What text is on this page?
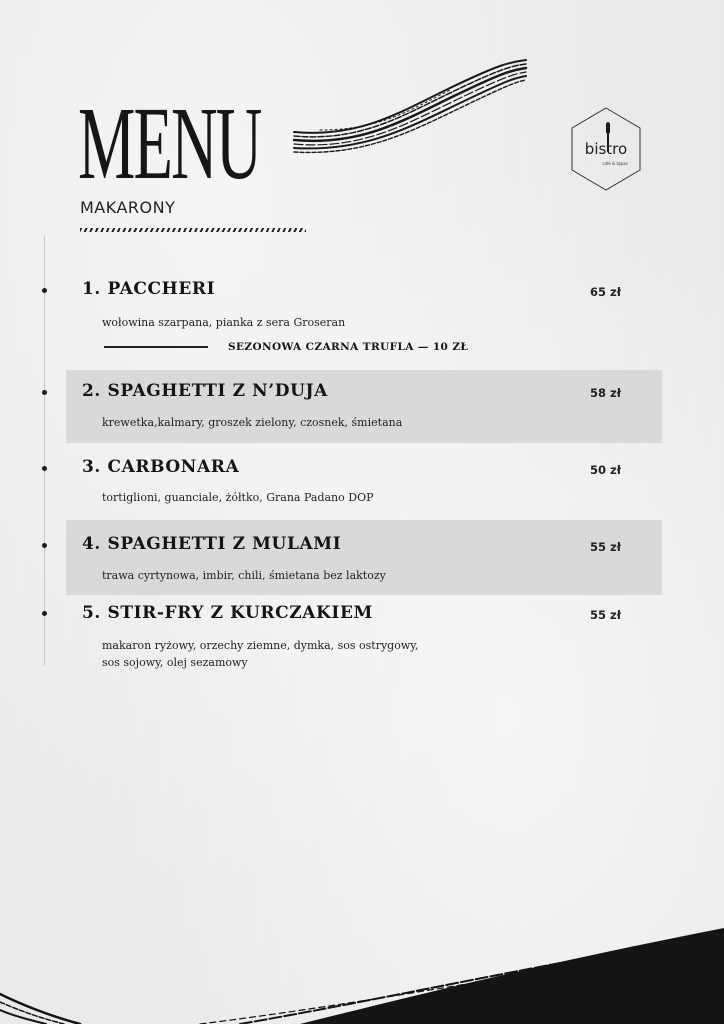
MENU
MAKARONY
bistro
cafe & tapas
1. PACCHERI	65 zł
wołowina szarpana, pianka z sera Groseran
SEZONOWA CZARNA TRUFLA — 10 ZŁ
2. SPAGHETTI Z N’DUJA	58 zł
krewetka,kalmary, groszek zielony, czosnek, śmietana
3. CARBONARA	50 zł
tortiglioni, guanciale, żółtko, Grana Padano DOP
4. SPAGHETTI Z MULAMI	55 zł
trawa cyrtynowa, imbir, chili, śmietana bez laktozy
5. STIR-FRY Z KURCZAKIEM	55 zł
makaron ryżowy, orzechy ziemne, dymka, sos ostrygowy,
sos sojowy, olej sezamowy
